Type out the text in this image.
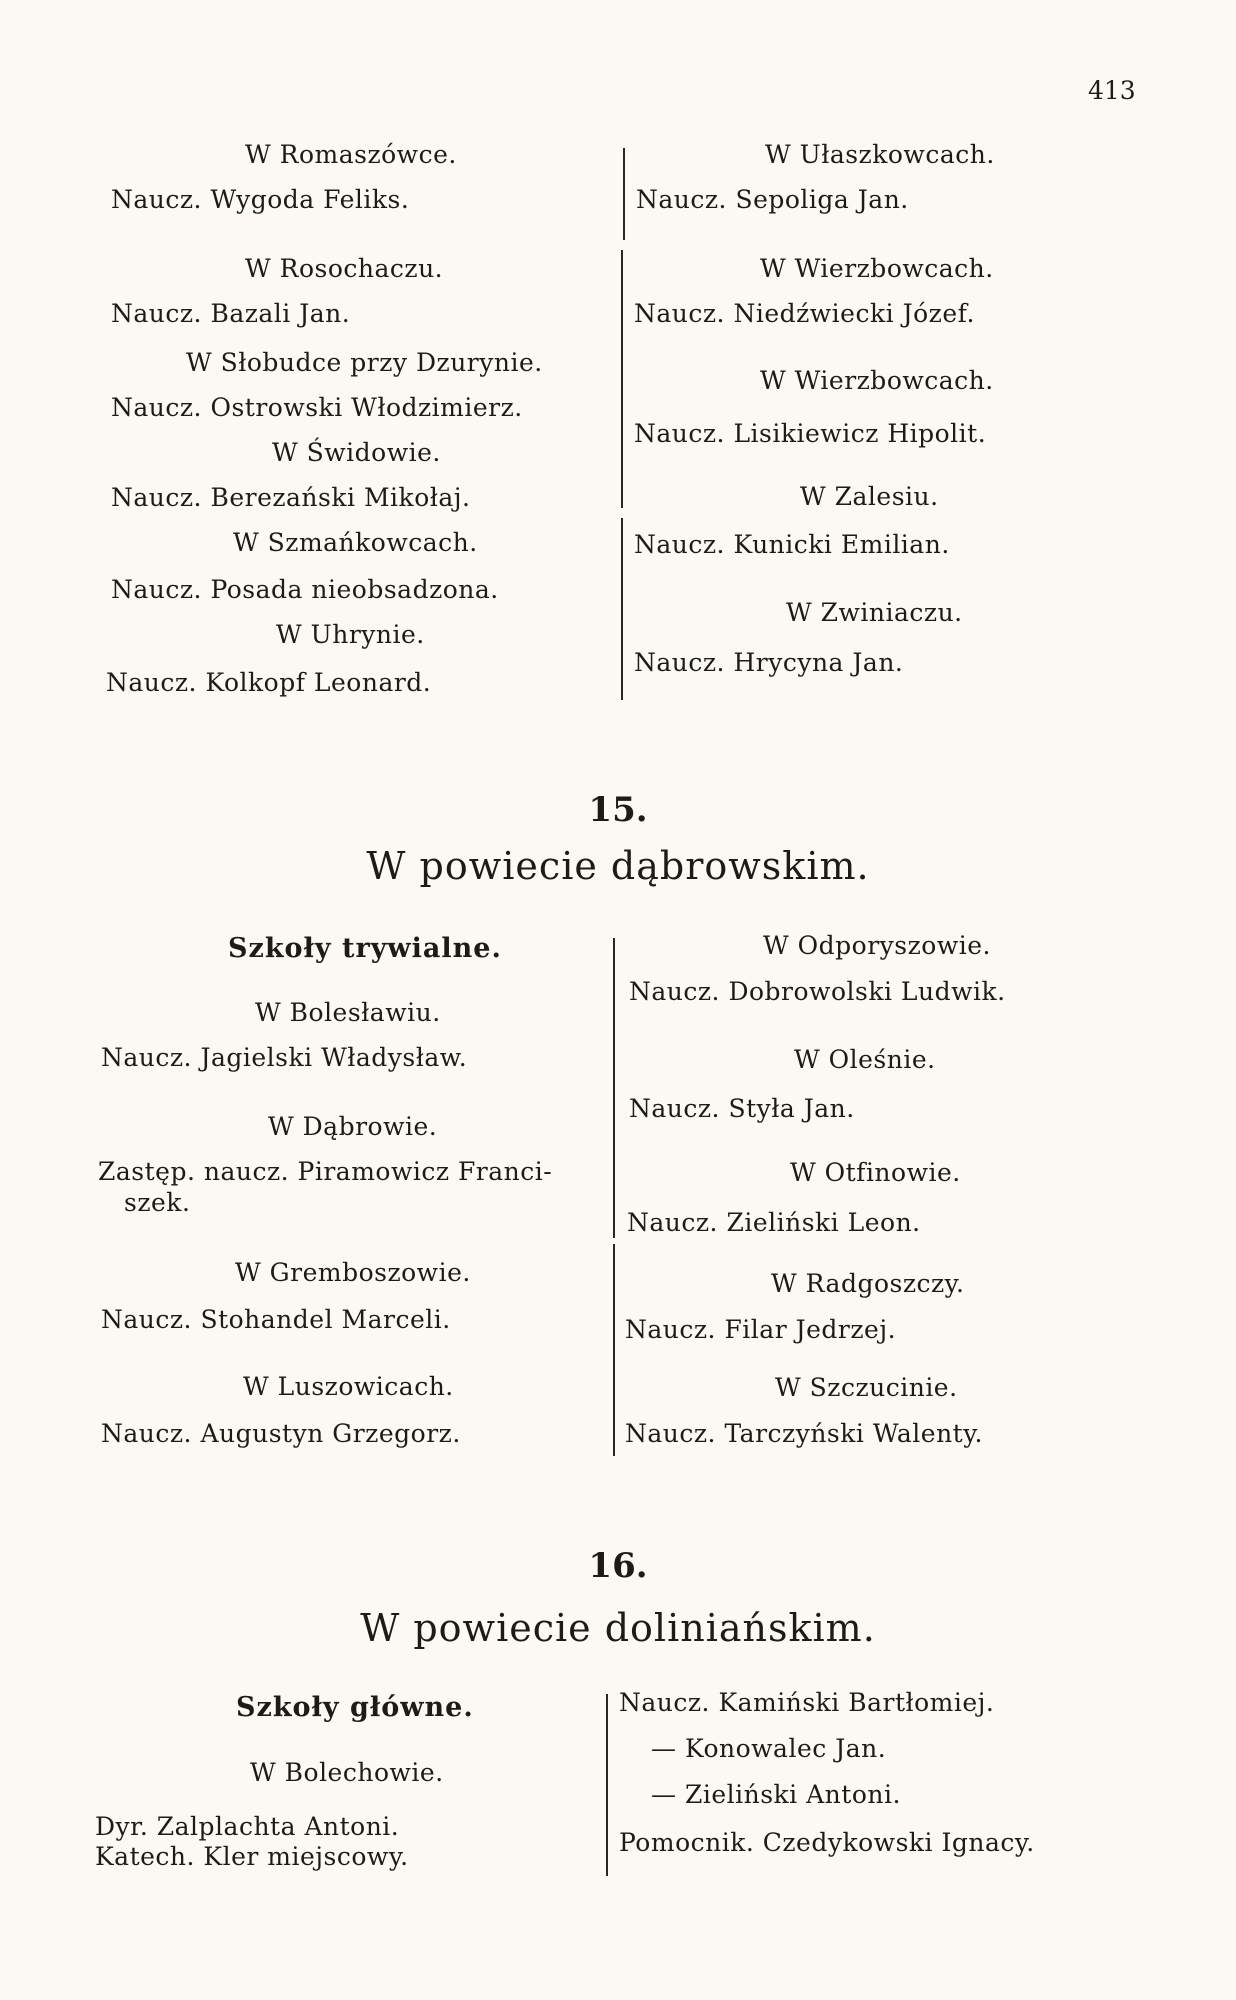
413
W Romaszówce.
Naucz. Wygoda Feliks.
W Rosochaczu.
Naucz. Bazali Jan.
W Słobudce przy Dzurynie.
Naucz. Ostrowski Włodzimierz.
W Świdowie.
Naucz. Berezański Mikołaj.
W Szmańkowcach.
Naucz. Posada nieobsadzona.
W Uhrynie.
Naucz. Kolkopf Leonard.
W Ułaszkowcach.
Naucz. Sepoliga Jan.
W Wierzbowcach.
Naucz. Niedźwiecki Józef.
W Wierzbowcach.
Naucz. Lisikiewicz Hipolit.
W Zalesiu.
Naucz. Kunicki Emilian.
W Zwiniaczu.
Naucz. Hrycyna Jan.
15.
W powiecie dąbrowskim.
Szkoły trywialne.
W Bolesławiu.
Naucz. Jagielski Władysław.
W Dąbrowie.
Zastęp. naucz. Piramowicz Franci-
szek.
W Gremboszowie.
Naucz. Stohandel Marceli.
W Luszowicach.
Naucz. Augustyn Grzegorz.
W Odporyszowie.
Naucz. Dobrowolski Ludwik.
W Oleśnie.
Naucz. Styła Jan.
W Otfinowie.
Naucz. Zieliński Leon.
W Radgoszczy.
Naucz. Filar Jedrzej.
W Szczucinie.
Naucz. Tarczyński Walenty.
16.
W powiecie doliniańskim.
Szkoły główne.
W Bolechowie.
Dyr. Zalplachta Antoni.
Katech. Kler miejscowy.
Naucz. Kamiński Bartłomiej.
— Konowalec Jan.
— Zieliński Antoni.
Pomocnik. Czedykowski Ignacy.
